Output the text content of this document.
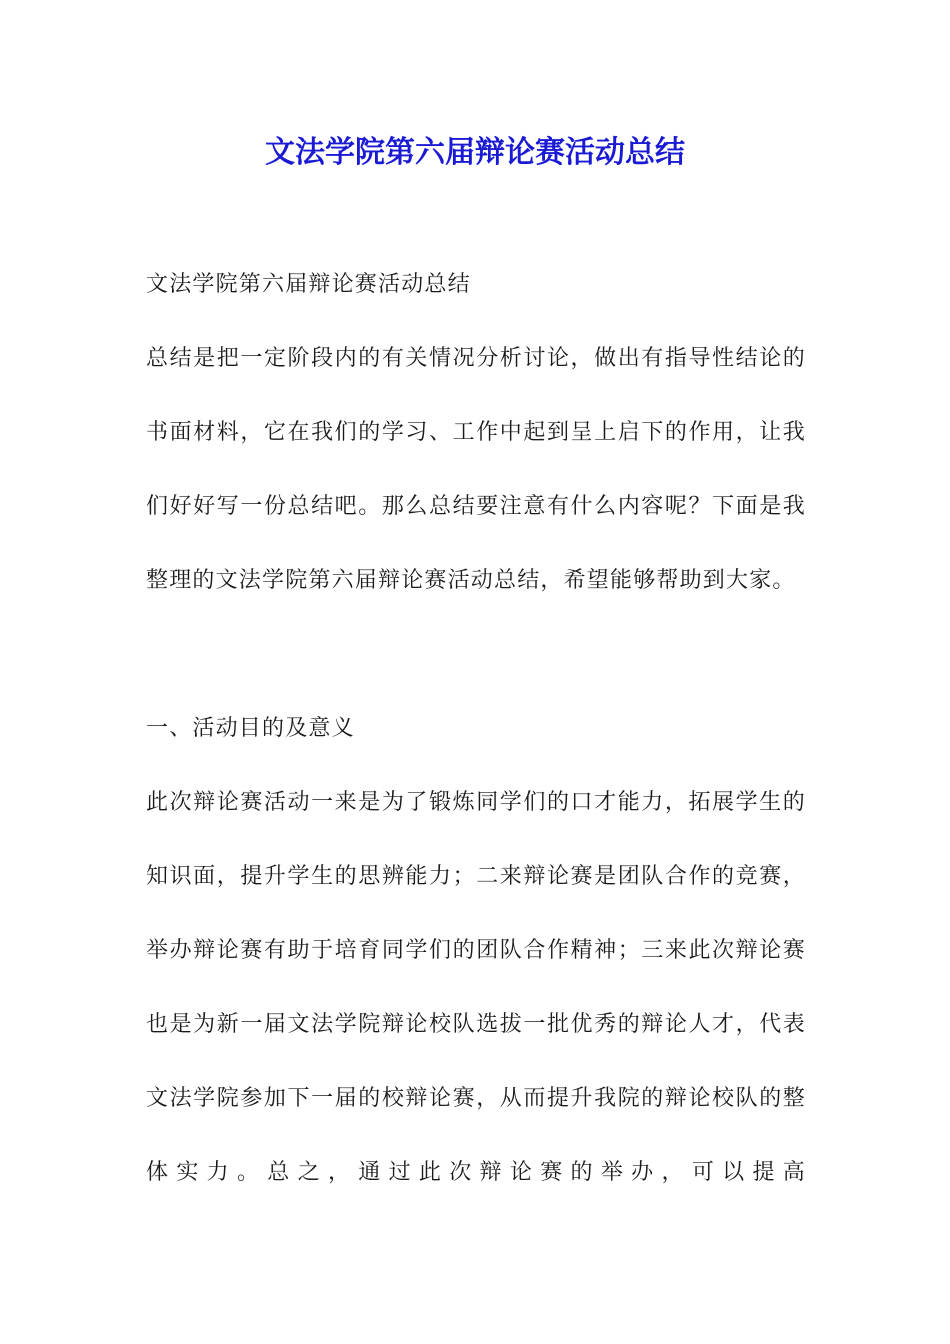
文法学院第六届辩论赛活动总结

文法学院第六届辩论赛活动总结

总结是把一定阶段内的有关情况分析讨论，做出有指导性结论的书面材料，它在我们的学习、工作中起到呈上启下的作用，让我们好好写一份总结吧。那么总结要注意有什么内容呢？下面是我整理的文法学院第六届辩论赛活动总结，希望能够帮助到大家。

一、活动目的及意义

此次辩论赛活动一来是为了锻炼同学们的口才能力，拓展学生的知识面，提升学生的思辨能力；二来辩论赛是团队合作的竞赛，举办辩论赛有助于培育同学们的团队合作精神；三来此次辩论赛也是为新一届文法学院辩论校队选拔一批优秀的辩论人才，代表文法学院参加下一届的校辩论赛，从而提升我院的辩论校队的整体实力。总之，通过此次辩论赛的举办，可以提高
